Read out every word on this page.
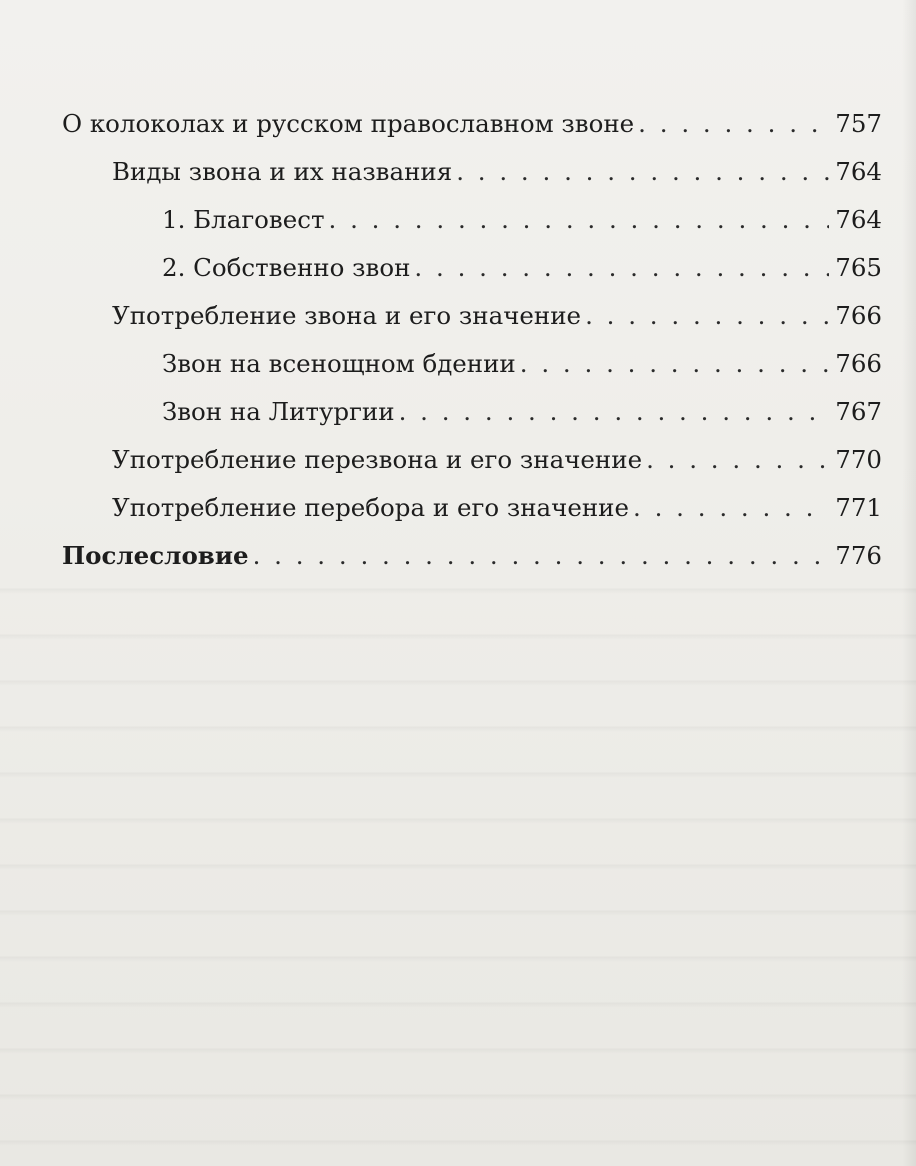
О колоколах и русском православном звоне . . .	757
Виды звона и их названия . . .	764
1. Благовест . . .	764
2. Собственно звон . . .	765
Употребление звона и его значение . . .	766
Звон на всенощном бдении . . .	766
Звон на Литургии . . .	767
Употребление перезвона и его значение . . .	770
Употребление перебора и его значение . . .	771
Послесловие . . .	776
